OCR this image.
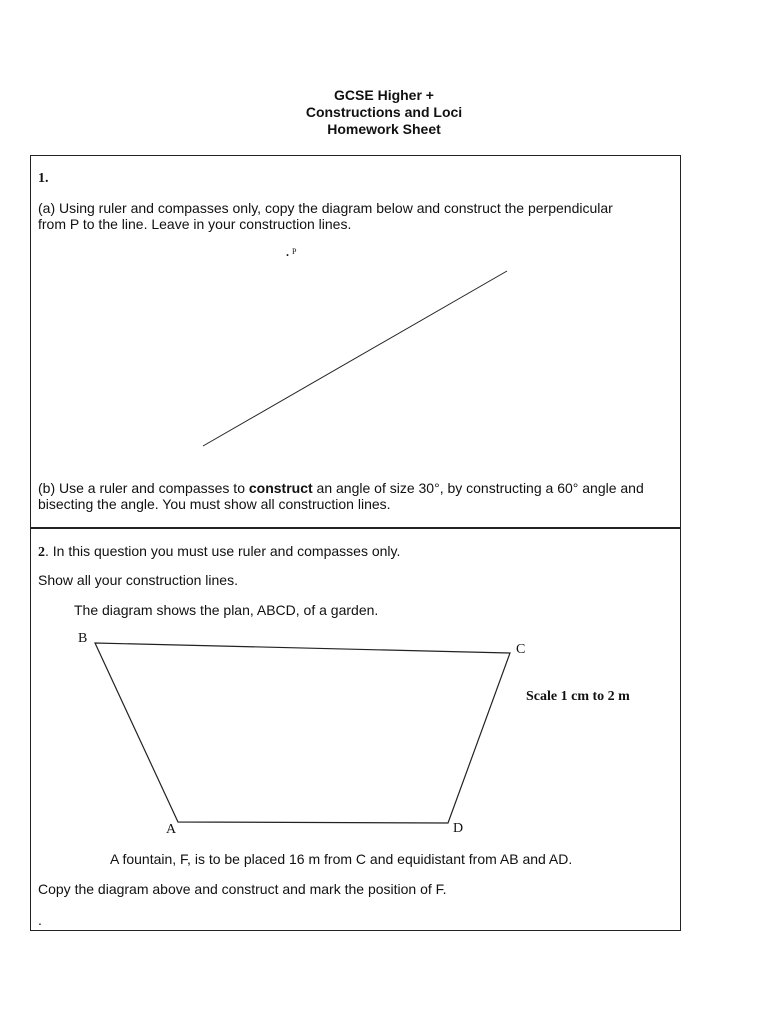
GCSE Higher +
Constructions and Loci
Homework Sheet
1.
(a) Using ruler and compasses only, copy the diagram below and construct the perpendicular
from P to the line. Leave in your construction lines.
. P
(b) Use a ruler and compasses to construct an angle of size 30°, by constructing a 60° angle and
bisecting the angle. You must show all construction lines.
2. In this question you must use ruler and compasses only.
Show all your construction lines.
The diagram shows the plan, ABCD, of a garden.
B
C
A	D
Scale 1 cm to 2 m
A fountain, F, is to be placed 16 m from C and equidistant from AB and AD.
Copy the diagram above and construct and mark the position of F.
.
